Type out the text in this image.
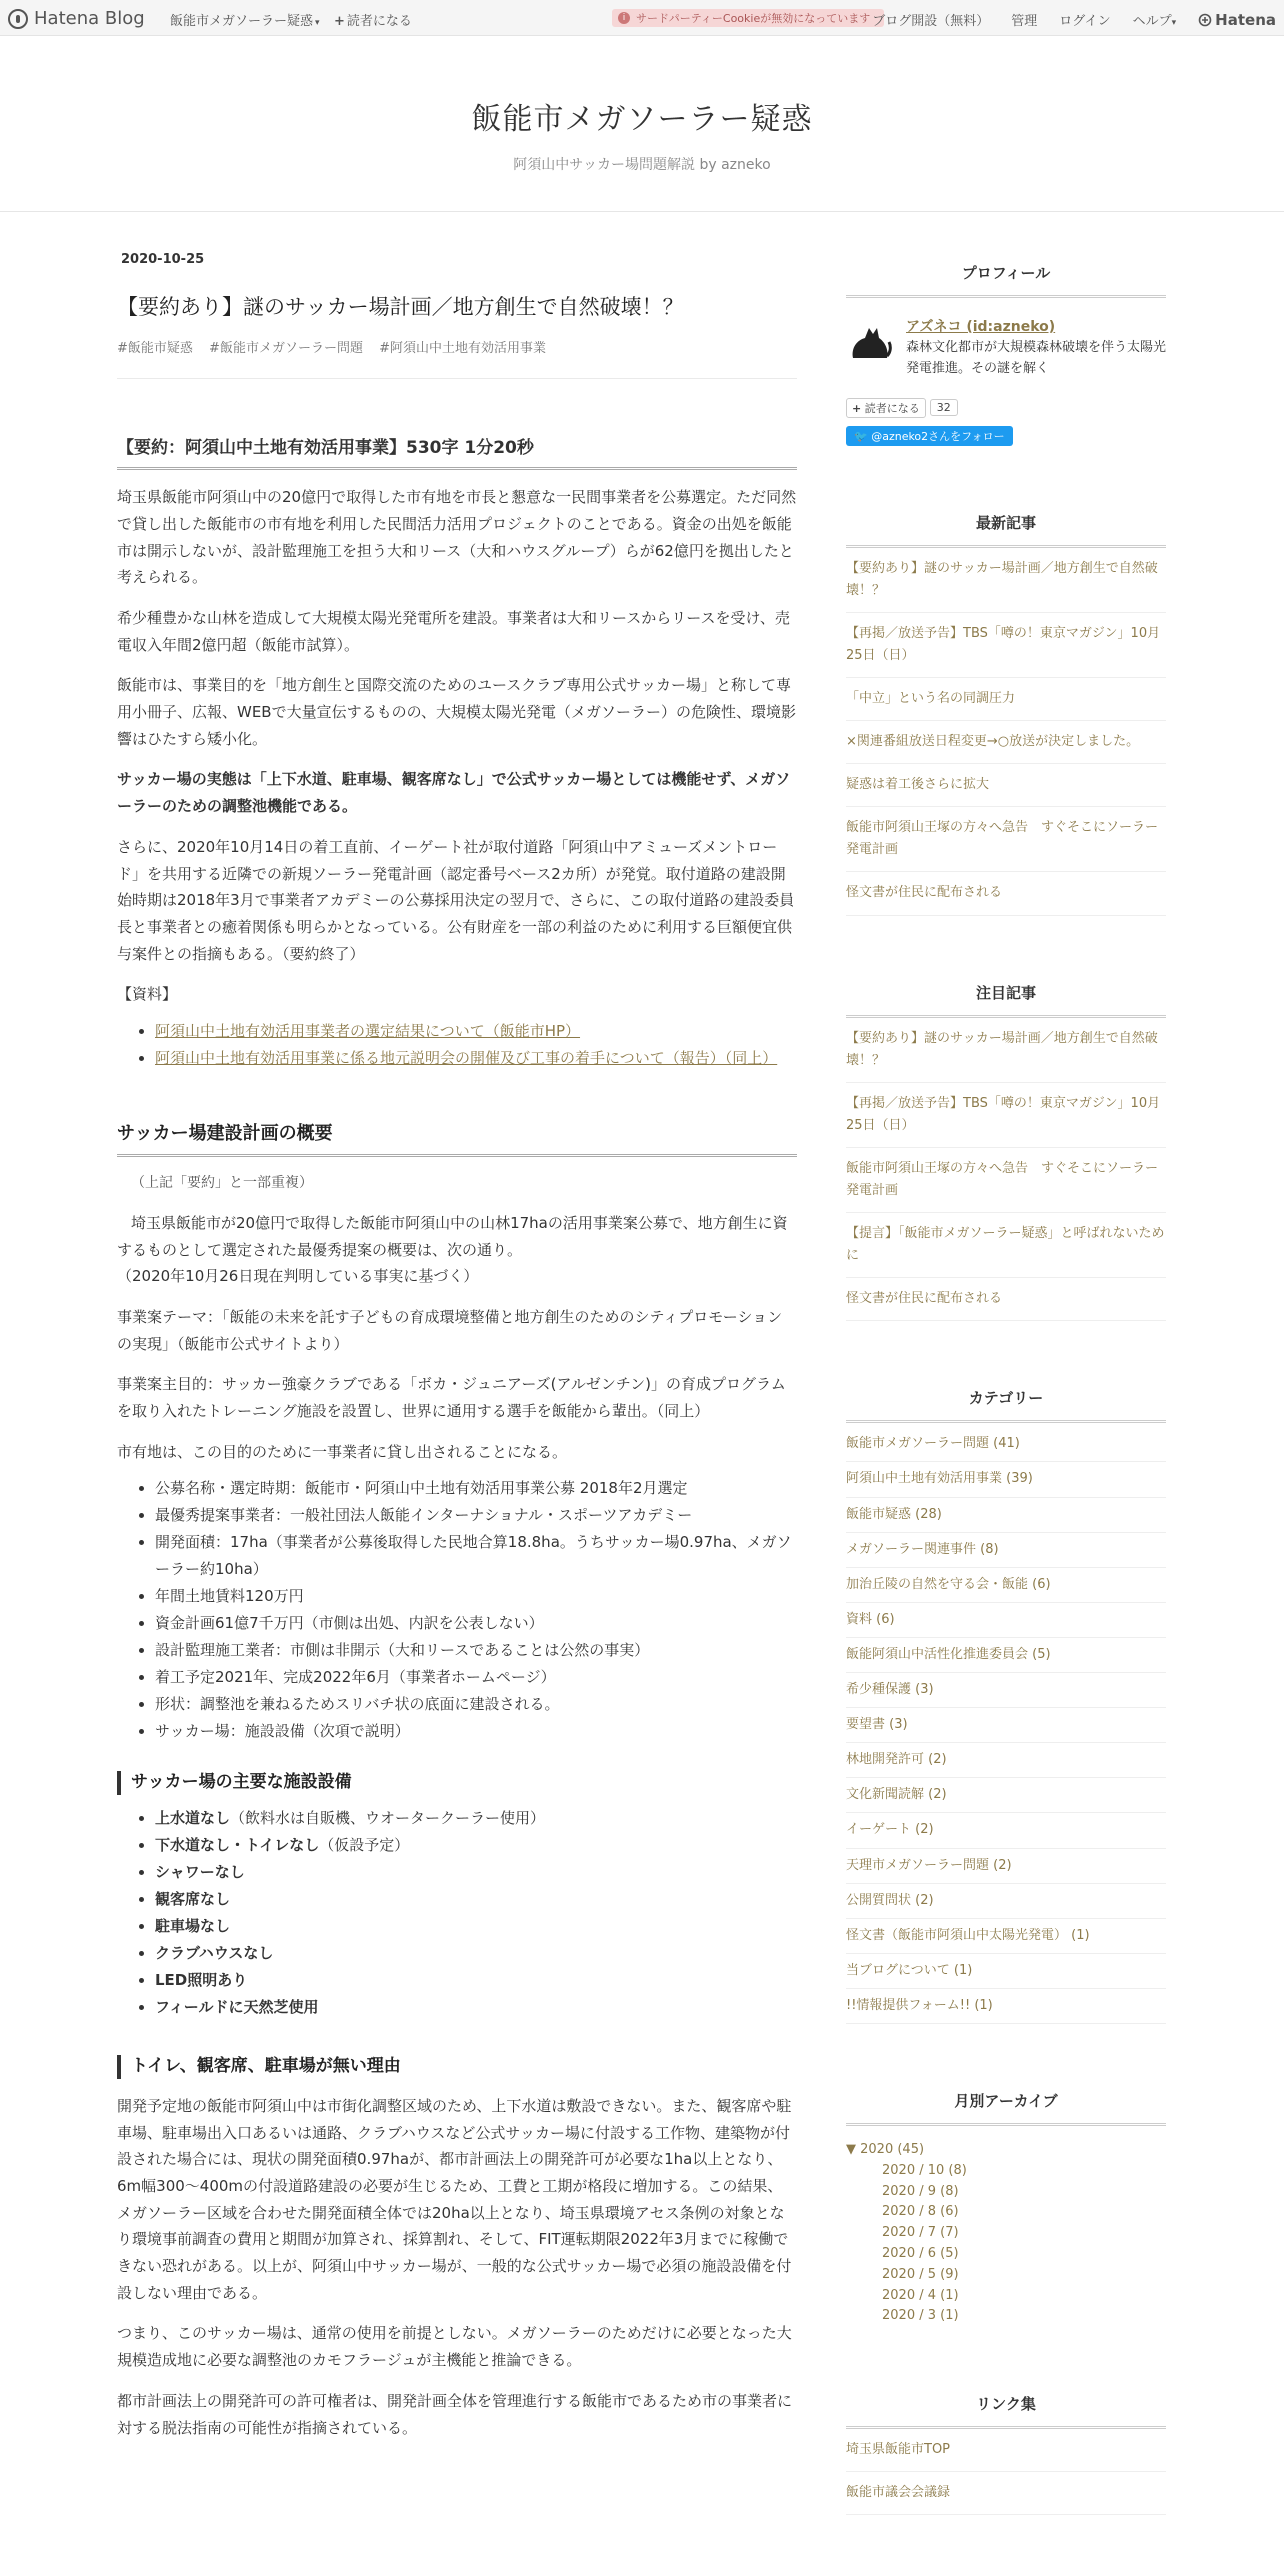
Hatena Blog 飯能市メガソーラー疑惑 ▾ + 読者になる	i サードパーティーCookieが無効になっています ブログ開設（無料） 管理 ログイン ヘルプ▾	Hatena
飯能市メガソーラー疑惑
阿須山中サッカー場問題解説 by azneko
2020-10-25
【要約あり】謎のサッカー場計画／地方創生で自然破壊！？
#飯能市疑惑 #飯能市メガソーラー問題 #阿須山中土地有効活用事業
【要約：阿須山中土地有効活用事業】530字 1分20秒

埼玉県飯能市阿須山中の20億円で取得した市有地を市長と懇意な一民間事業者を公募選定。ただ同然で貸し出した飯能市の市有地を利用した民間活力活用プロジェクトのことである。資金の出処を飯能市は開示しないが、設計監理施工を担う大和リース（大和ハウスグループ）らが62億円を拠出したと考えられる。

希少種豊かな山林を造成して大規模太陽光発電所を建設。事業者は大和リースからリースを受け、売電収入年間2億円超（飯能市試算）。

飯能市は、事業目的を「地方創生と国際交流のためのユースクラブ専用公式サッカー場」と称して専用小冊子、広報、WEBで大量宣伝するものの、大規模太陽光発電（メガソーラー）の危険性、環境影響はひたすら矮小化。

サッカー場の実態は「上下水道、駐車場、観客席なし」で公式サッカー場としては機能せず、メガソーラーのための調整池機能である。

さらに、2020年10月14日の着工直前、イーゲート社が取付道路「阿須山中アミューズメントロード」を共用する近隣での新規ソーラー発電計画（認定番号ベース2カ所）が発覚。取付道路の建設開始時期は2018年3月で事業者アカデミーの公募採用決定の翌月で、さらに、この取付道路の建設委員長と事業者との癒着関係も明らかとなっている。公有財産を一部の利益のために利用する巨額便宜供与案件との指摘もある。（要約終了）

【資料】

• 阿須山中土地有効活用事業者の選定結果について（飯能市HP）
• 阿須山中土地有効活用事業に係る地元説明会の開催及び工事の着手について（報告）（同上）
サッカー場建設計画の概要

（上記「要約」と一部重複）

埼玉県飯能市が20億円で取得した飯能市阿須山中の山林17haの活用事業案公募で、地方創生に資するものとして選定された最優秀提案の概要は、次の通り。
（2020年10月26日現在判明している事実に基づく）

事業案テーマ：「飯能の未来を託す子どもの育成環境整備と地方創生のためのシティプロモーションの実現」（飯能市公式サイトより）

事業案主目的：サッカー強豪クラブである「ボカ・ジュニアーズ(アルゼンチン)」の育成プログラムを取り入れたトレーニング施設を設置し、世界に通用する選手を飯能から輩出。（同上）

市有地は、この目的のために一事業者に貸し出されることになる。

• 公募名称・選定時期：飯能市・阿須山中土地有効活用事業公募 2018年2月選定
• 最優秀提案事業者：一般社団法人飯能インターナショナル・スポーツアカデミー
• 開発面積：17ha（事業者が公募後取得した民地合算18.8ha。うちサッカー場0.97ha、メガソーラー約10ha）
• 年間土地賃料120万円
• 資金計画61億7千万円（市側は出処、内訳を公表しない）
• 設計監理施工業者：市側は非開示（大和リースであることは公然の事実）
• 着工予定2021年、完成2022年6月（事業者ホームページ）
• 形状：調整池を兼ねるためスリバチ状の底面に建設される。
• サッカー場：施設設備（次項で説明）
サッカー場の主要な施設設備
• 上水道なし（飲料水は自販機、ウオータークーラー使用）
• 下水道なし・トイレなし（仮設予定）
• シャワーなし
• 観客席なし
• 駐車場なし
• クラブハウスなし
• LED照明あり
• フィールドに天然芝使用
トイレ、観客席、駐車場が無い理由

開発予定地の飯能市阿須山中は市街化調整区域のため、上下水道は敷設できない。また、観客席や駐車場、駐車場出入口あるいは通路、クラブハウスなど公式サッカー場に付設する工作物、建築物が付設された場合には、現状の開発面積0.97haが、都市計画法上の開発許可が必要な1ha以上となり、6m幅300～400mの付設道路建設の必要が生じるため、工費と工期が格段に増加する。この結果、メガソーラー区域を合わせた開発面積全体では20ha以上となり、埼玉県環境アセス条例の対象となり環境事前調査の費用と期間が加算され、採算割れ、そして、FIT運転期限2022年3月までに稼働できない恐れがある。以上が、阿須山中サッカー場が、一般的な公式サッカー場で必須の施設設備を付設しない理由である。

つまり、このサッカー場は、通常の使用を前提としない。メガソーラーのためだけに必要となった大規模造成地に必要な調整池のカモフラージュが主機能と推論できる。

都市計画法上の開発許可の許可権者は、開発計画全体を管理進行する飯能市であるため市の事業者に対する脱法指南の可能性が指摘されている。

プロフィール
アズネコ (id:azneko)
森林文化都市が大規模森林破壊を伴う太陽光発電推進。その謎を解く
+ 読者になる	32
🐦 @azneko2さんをフォロー
最新記事
【要約あり】謎のサッカー場計画／地方創生で自然破壊！？
【再掲／放送予告】TBS「噂の！東京マガジン」10月25日（日）
「中立」という名の同調圧力
×関連番組放送日程変更→○放送が決定しました。
疑惑は着工後さらに拡大
飯能市阿須山王塚の方々へ急告　すぐそこにソーラー発電計画
怪文書が住民に配布される
注目記事
【要約あり】謎のサッカー場計画／地方創生で自然破壊！？
【再掲／放送予告】TBS「噂の！東京マガジン」10月25日（日）
飯能市阿須山王塚の方々へ急告　すぐそこにソーラー発電計画
【提言】「飯能市メガソーラー疑惑」と呼ばれないために
怪文書が住民に配布される
カテゴリー
飯能市メガソーラー問題 (41)
阿須山中土地有効活用事業 (39)
飯能市疑惑 (28)
メガソーラー関連事件 (8)
加治丘陵の自然を守る会・飯能 (6)
資料 (6)
飯能阿須山中活性化推進委員会 (5)
希少種保護 (3)
要望書 (3)
林地開発許可 (2)
文化新聞読解 (2)
イーゲート (2)
天理市メガソーラー問題 (2)
公開質問状 (2)
怪文書（飯能市阿須山中太陽光発電） (1)
当ブログについて (1)
!!情報提供フォーム!! (1)
月別アーカイブ
▼ 2020 (45)
2020 / 10 (8)
2020 / 9 (8)
2020 / 8 (6)
2020 / 7 (7)
2020 / 6 (5)
2020 / 5 (9)
2020 / 4 (1)
2020 / 3 (1)
リンク集
埼玉県飯能市TOP
飯能市議会会議録
